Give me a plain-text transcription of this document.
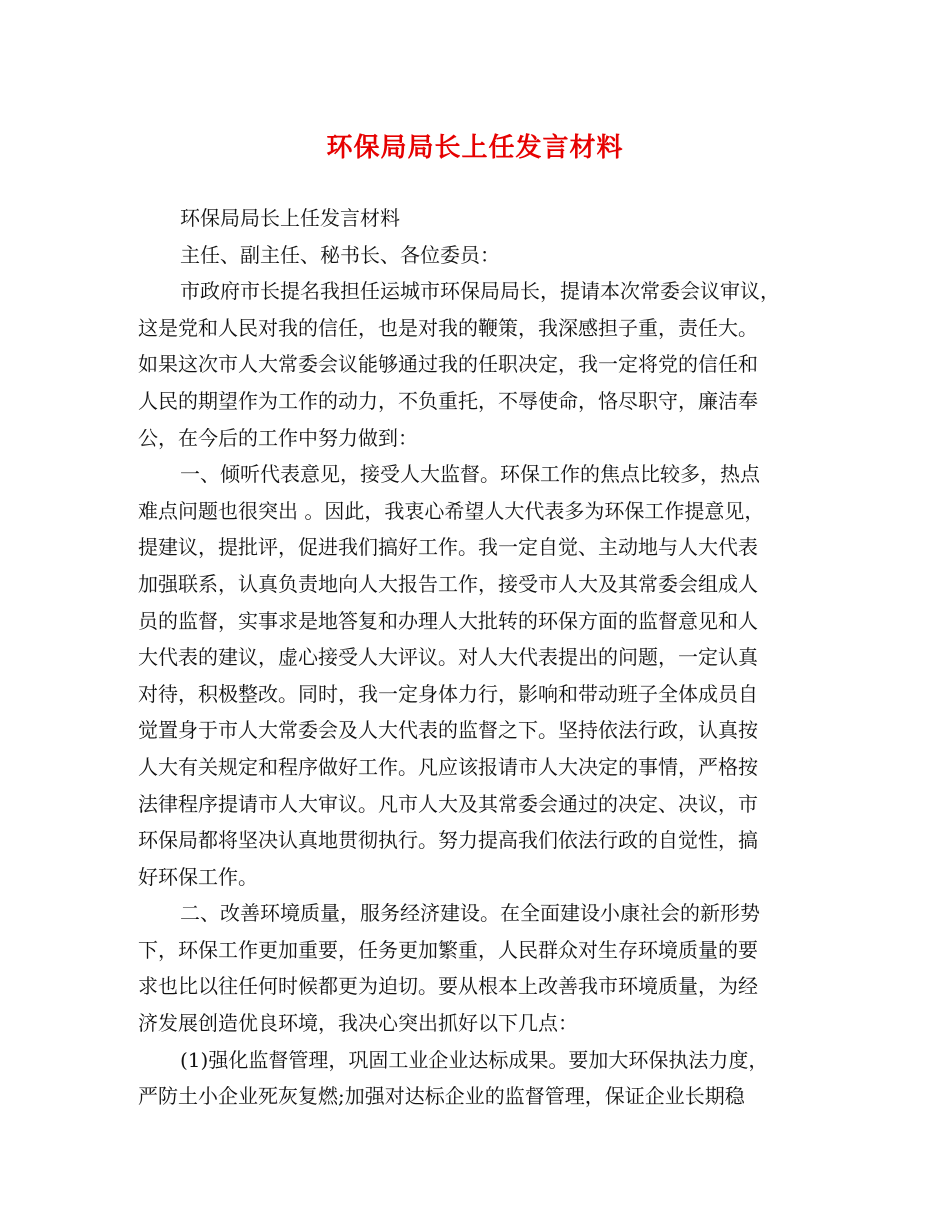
环保局局长上任发言材料
环保局局长上任发言材料
主任、副主任、秘书长、各位委员：
市政府市长提名我担任运城市环保局局长，提请本次常委会议审议，
这是党和人民对我的信任，也是对我的鞭策，我深感担子重，责任大。
如果这次市人大常委会议能够通过我的任职决定，我一定将党的信任和
人民的期望作为工作的动力，不负重托，不辱使命，恪尽职守，廉洁奉
公，在今后的工作中努力做到：
一、倾听代表意见，接受人大监督。环保工作的焦点比较多，热点
难点问题也很突出 。因此，我衷心希望人大代表多为环保工作提意见，
提建议，提批评，促进我们搞好工作。我一定自觉、主动地与人大代表
加强联系，认真负责地向人大报告工作，接受市人大及其常委会组成人
员的监督，实事求是地答复和办理人大批转的环保方面的监督意见和人
大代表的建议，虚心接受人大评议。对人大代表提出的问题，一定认真
对待，积极整改。同时，我一定身体力行，影响和带动班子全体成员自
觉置身于市人大常委会及人大代表的监督之下。坚持依法行政，认真按
人大有关规定和程序做好工作。凡应该报请市人大决定的事情，严格按
法律程序提请市人大审议。凡市人大及其常委会通过的决定、决议，市
环保局都将坚决认真地贯彻执行。努力提高我们依法行政的自觉性，搞
好环保工作。
二、改善环境质量，服务经济建设。在全面建设小康社会的新形势
下，环保工作更加重要，任务更加繁重，人民群众对生存环境质量的要
求也比以往任何时候都更为迫切。要从根本上改善我市环境质量，为经
济发展创造优良环境，我决心突出抓好以下几点：
(1)强化监督管理，巩固工业企业达标成果。要加大环保执法力度，
严防土小企业死灰复燃;加强对达标企业的监督管理，保证企业长期稳
